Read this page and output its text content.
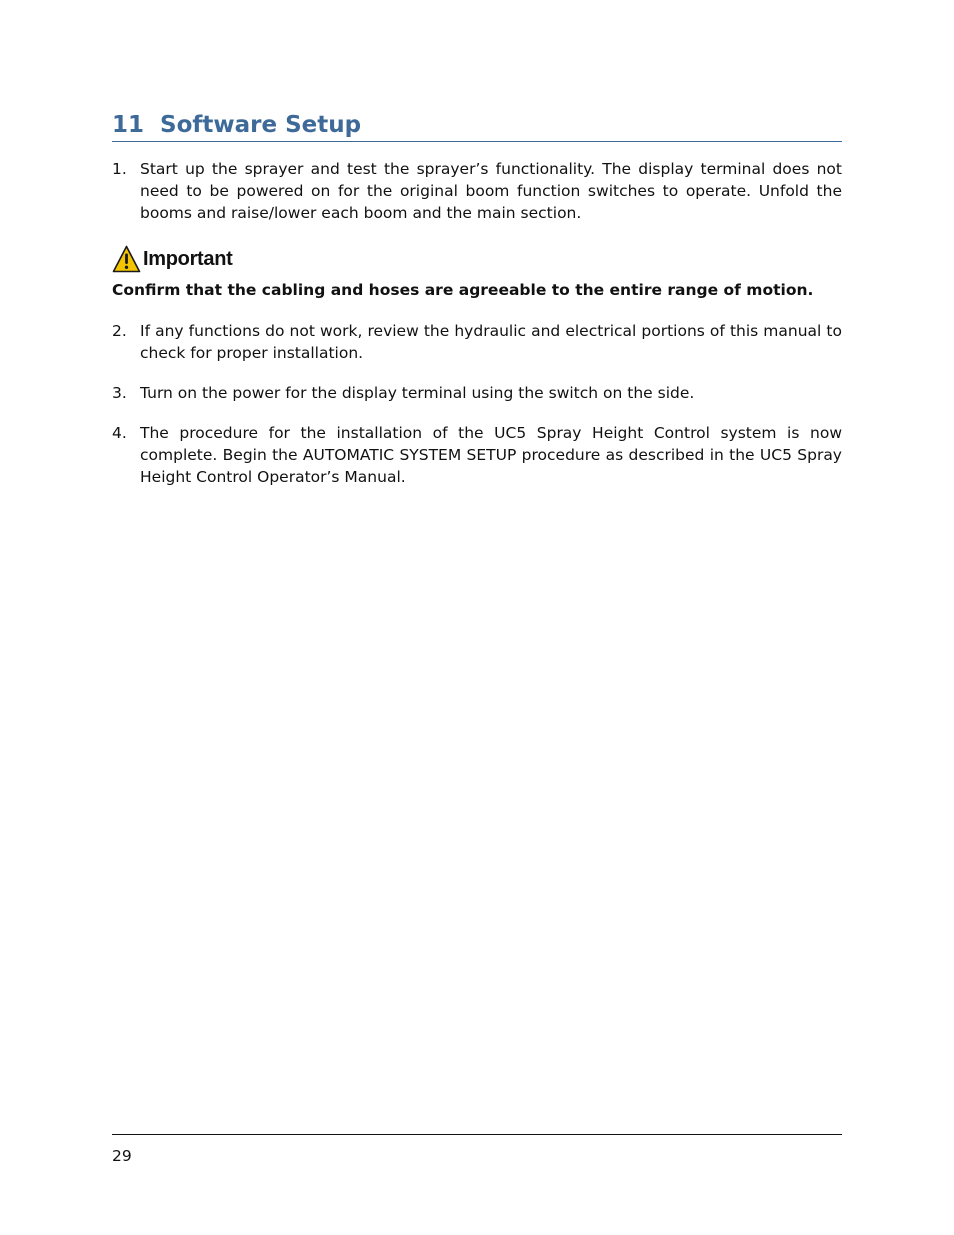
11 Software Setup
1. Start up the sprayer and test the sprayer’s functionality. The display terminal does not need to be powered on for the original boom function switches to operate. Unfold the booms and raise/lower each boom and the main section.
Important
Confirm that the cabling and hoses are agreeable to the entire range of motion.
2. If any functions do not work, review the hydraulic and electrical portions of this manual to check for proper installation.
3. Turn on the power for the display terminal using the switch on the side.
4. The procedure for the installation of the UC5 Spray Height Control system is now complete. Begin the AUTOMATIC SYSTEM SETUP procedure as described in the UC5 Spray Height Control Operator’s Manual.
29
